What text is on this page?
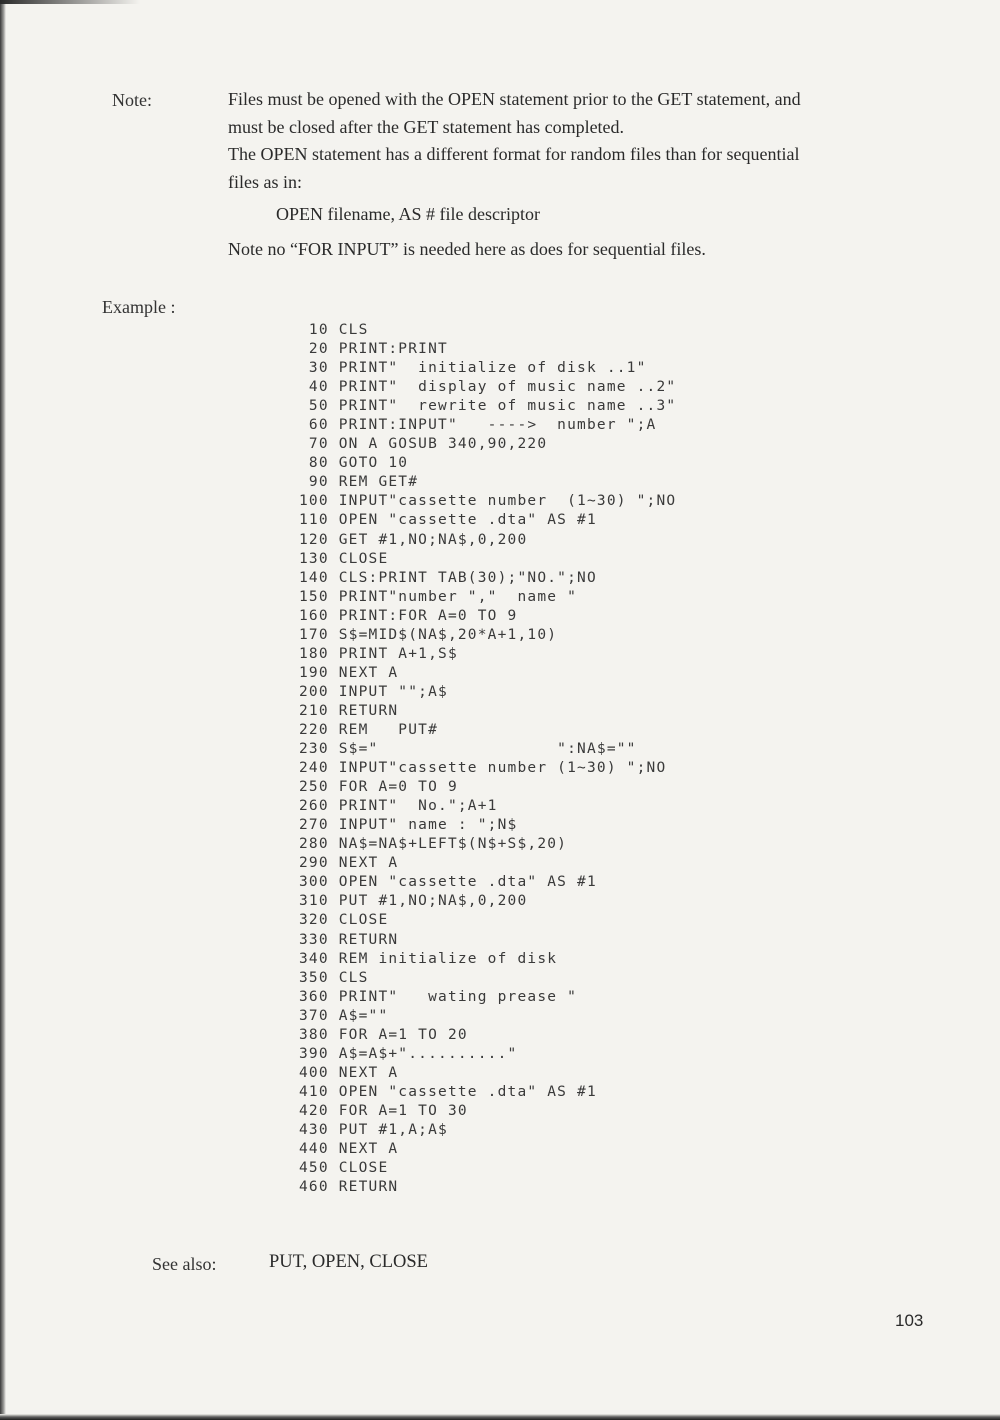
Note:	Files must be opened with the OPEN statement prior to the GET statement, and

must be closed after the GET statement has completed.

The OPEN statement has a different format for random files than for sequential

files as in:

OPEN filename, AS # file descriptor
Note no “FOR INPUT” is needed here as does for sequential files.
Example :
10 CLS
20 PRINT:PRINT
30 PRINT"  initialize of disk ..1"
40 PRINT"  display of music name ..2"
50 PRINT"  rewrite of music name ..3"
60 PRINT:INPUT"   ---->  number ";A
70 ON A GOSUB 340,90,220
80 GOTO 10
90 REM GET#
100 INPUT"cassette number  (1~30) ";NO
110 OPEN "cassette .dta" AS #1
120 GET #1,NO;NA$,0,200
130 CLOSE
140 CLS:PRINT TAB(30);"NO.";NO
150 PRINT"number ","  name "
160 PRINT:FOR A=0 TO 9
170 S$=MID$(NA$,20*A+1,10)
180 PRINT A+1,S$
190 NEXT A
200 INPUT "";A$
210 RETURN
220 REM   PUT#
230 S$="                  ":NA$=""
240 INPUT"cassette number (1~30) ";NO
250 FOR A=0 TO 9
260 PRINT"  No.";A+1
270 INPUT" name : ";N$
280 NA$=NA$+LEFT$(N$+S$,20)
290 NEXT A
300 OPEN "cassette .dta" AS #1
310 PUT #1,NO;NA$,0,200
320 CLOSE
330 RETURN
340 REM initialize of disk
350 CLS
360 PRINT"   wating prease "
370 A$=""
380 FOR A=1 TO 20
390 A$=A$+".........."
400 NEXT A
410 OPEN "cassette .dta" AS #1
420 FOR A=1 TO 30
430 PUT #1,A;A$
440 NEXT A
450 CLOSE
460 RETURN
See also:	PUT, OPEN, CLOSE
103
